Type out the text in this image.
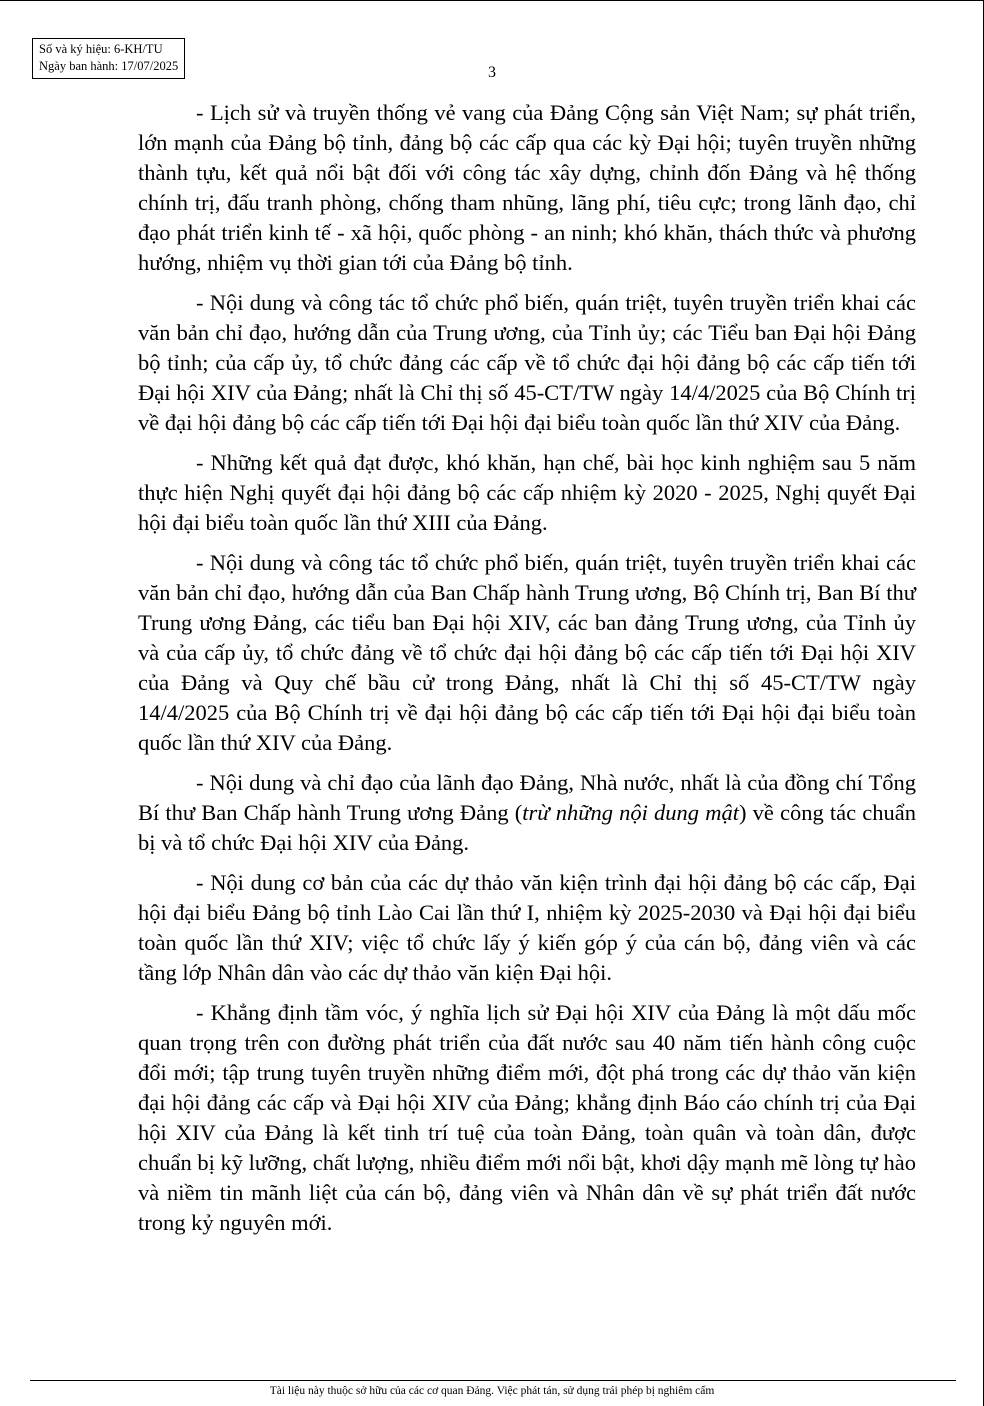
Số và ký hiệu: 6-KH/TU
Ngày ban hành: 17/07/2025	3

- Lịch sử và truyền thống vẻ vang của Đảng Cộng sản Việt Nam; sự phát triển, lớn mạnh của Đảng bộ tỉnh, đảng bộ các cấp qua các kỳ Đại hội; tuyên truyền những thành tựu, kết quả nổi bật đối với công tác xây dựng, chỉnh đốn Đảng và hệ thống chính trị, đấu tranh phòng, chống tham nhũng, lãng phí, tiêu cực; trong lãnh đạo, chỉ đạo phát triển kinh tế - xã hội, quốc phòng - an ninh; khó khăn, thách thức và phương hướng, nhiệm vụ thời gian tới của Đảng bộ tỉnh.

- Nội dung và công tác tổ chức phổ biến, quán triệt, tuyên truyền triển khai các văn bản chỉ đạo, hướng dẫn của Trung ương, của Tỉnh ủy; các Tiểu ban Đại hội Đảng bộ tỉnh; của cấp ủy, tổ chức đảng các cấp về tổ chức đại hội đảng bộ các cấp tiến tới Đại hội XIV của Đảng; nhất là Chỉ thị số 45-CT/TW ngày 14/4/2025 của Bộ Chính trị về đại hội đảng bộ các cấp tiến tới Đại hội đại biểu toàn quốc lần thứ XIV của Đảng.

- Những kết quả đạt được, khó khăn, hạn chế, bài học kinh nghiệm sau 5 năm thực hiện Nghị quyết đại hội đảng bộ các cấp nhiệm kỳ 2020 - 2025, Nghị quyết Đại hội đại biểu toàn quốc lần thứ XIII của Đảng.

- Nội dung và công tác tổ chức phổ biến, quán triệt, tuyên truyền triển khai các văn bản chỉ đạo, hướng dẫn của Ban Chấp hành Trung ương, Bộ Chính trị, Ban Bí thư Trung ương Đảng, các tiểu ban Đại hội XIV, các ban đảng Trung ương, của Tỉnh ủy và của cấp ủy, tổ chức đảng về tổ chức đại hội đảng bộ các cấp tiến tới Đại hội XIV của Đảng và Quy chế bầu cử trong Đảng, nhất là Chỉ thị số 45-CT/TW ngày 14/4/2025 của Bộ Chính trị về đại hội đảng bộ các cấp tiến tới Đại hội đại biểu toàn quốc lần thứ XIV của Đảng.

- Nội dung và chỉ đạo của lãnh đạo Đảng, Nhà nước, nhất là của đồng chí Tổng Bí thư Ban Chấp hành Trung ương Đảng (trừ những nội dung mật) về công tác chuẩn bị và tổ chức Đại hội XIV của Đảng.

- Nội dung cơ bản của các dự thảo văn kiện trình đại hội đảng bộ các cấp, Đại hội đại biểu Đảng bộ tỉnh Lào Cai lần thứ I, nhiệm kỳ 2025-2030 và Đại hội đại biểu toàn quốc lần thứ XIV; việc tổ chức lấy ý kiến góp ý của cán bộ, đảng viên và các tầng lớp Nhân dân vào các dự thảo văn kiện Đại hội.

- Khẳng định tầm vóc, ý nghĩa lịch sử Đại hội XIV của Đảng là một dấu mốc quan trọng trên con đường phát triển của đất nước sau 40 năm tiến hành công cuộc đổi mới; tập trung tuyên truyền những điểm mới, đột phá trong các dự thảo văn kiện đại hội đảng các cấp và Đại hội XIV của Đảng; khẳng định Báo cáo chính trị của Đại hội XIV của Đảng là kết tinh trí tuệ của toàn Đảng, toàn quân và toàn dân, được chuẩn bị kỹ lưỡng, chất lượng, nhiều điểm mới nổi bật, khơi dậy mạnh mẽ lòng tự hào và niềm tin mãnh liệt của cán bộ, đảng viên và Nhân dân về sự phát triển đất nước trong kỷ nguyên mới.

Tài liệu này thuộc sở hữu của các cơ quan Đảng. Việc phát tán, sử dụng trái phép bị nghiêm cấm
